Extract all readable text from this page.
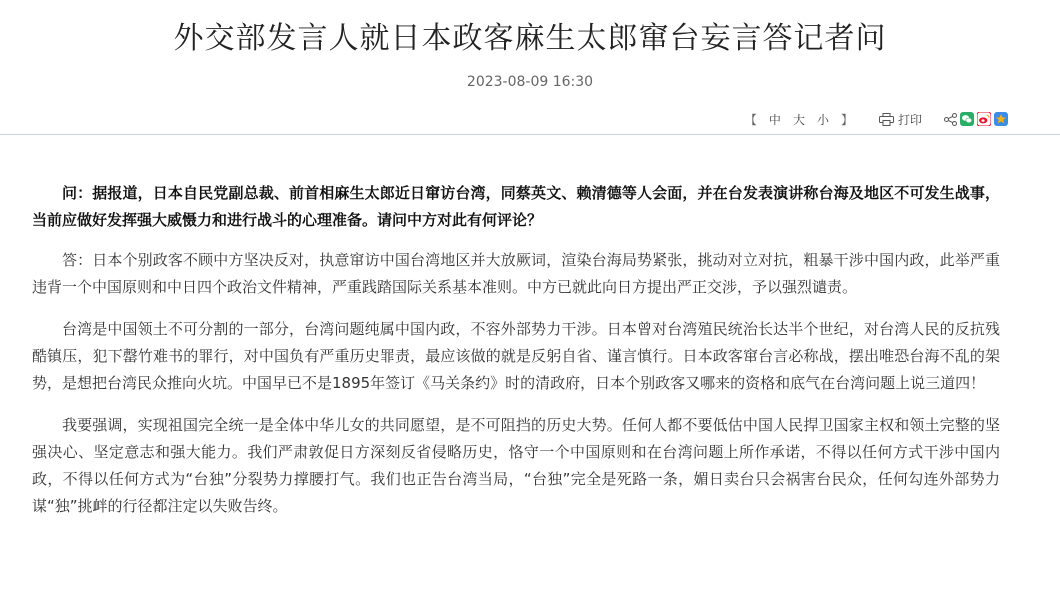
外交部发言人就日本政客麻生太郎窜台妄言答记者问
2023-08-09 16:30
【 中 大 小 】	打印

问：据报道，日本自民党副总裁、前首相麻生太郎近日窜访台湾，同蔡英文、赖清德等人会面，并在台发表演讲称台海及地区不可发生战事，当前应做好发挥强大威慑力和进行战斗的心理准备。请问中方对此有何评论？

答：日本个别政客不顾中方坚决反对，执意窜访中国台湾地区并大放厥词，渲染台海局势紧张，挑动对立对抗，粗暴干涉中国内政，此举严重违背一个中国原则和中日四个政治文件精神，严重践踏国际关系基本准则。中方已就此向日方提出严正交涉，予以强烈谴责。

台湾是中国领土不可分割的一部分，台湾问题纯属中国内政，不容外部势力干涉。日本曾对台湾殖民统治长达半个世纪，对台湾人民的反抗残酷镇压，犯下罄竹难书的罪行，对中国负有严重历史罪责，最应该做的就是反躬自省、谨言慎行。日本政客窜台言必称战，摆出唯恐台海不乱的架势，是想把台湾民众推向火坑。中国早已不是1895年签订《马关条约》时的清政府，日本个别政客又哪来的资格和底气在台湾问题上说三道四！

我要强调，实现祖国完全统一是全体中华儿女的共同愿望，是不可阻挡的历史大势。任何人都不要低估中国人民捍卫国家主权和领土完整的坚强决心、坚定意志和强大能力。我们严肃敦促日方深刻反省侵略历史，恪守一个中国原则和在台湾问题上所作承诺，不得以任何方式干涉中国内政，不得以任何方式为“台独”分裂势力撑腰打气。我们也正告台湾当局，“台独”完全是死路一条，媚日卖台只会祸害台民众，任何勾连外部势力谋“独”挑衅的行径都注定以失败告终。
